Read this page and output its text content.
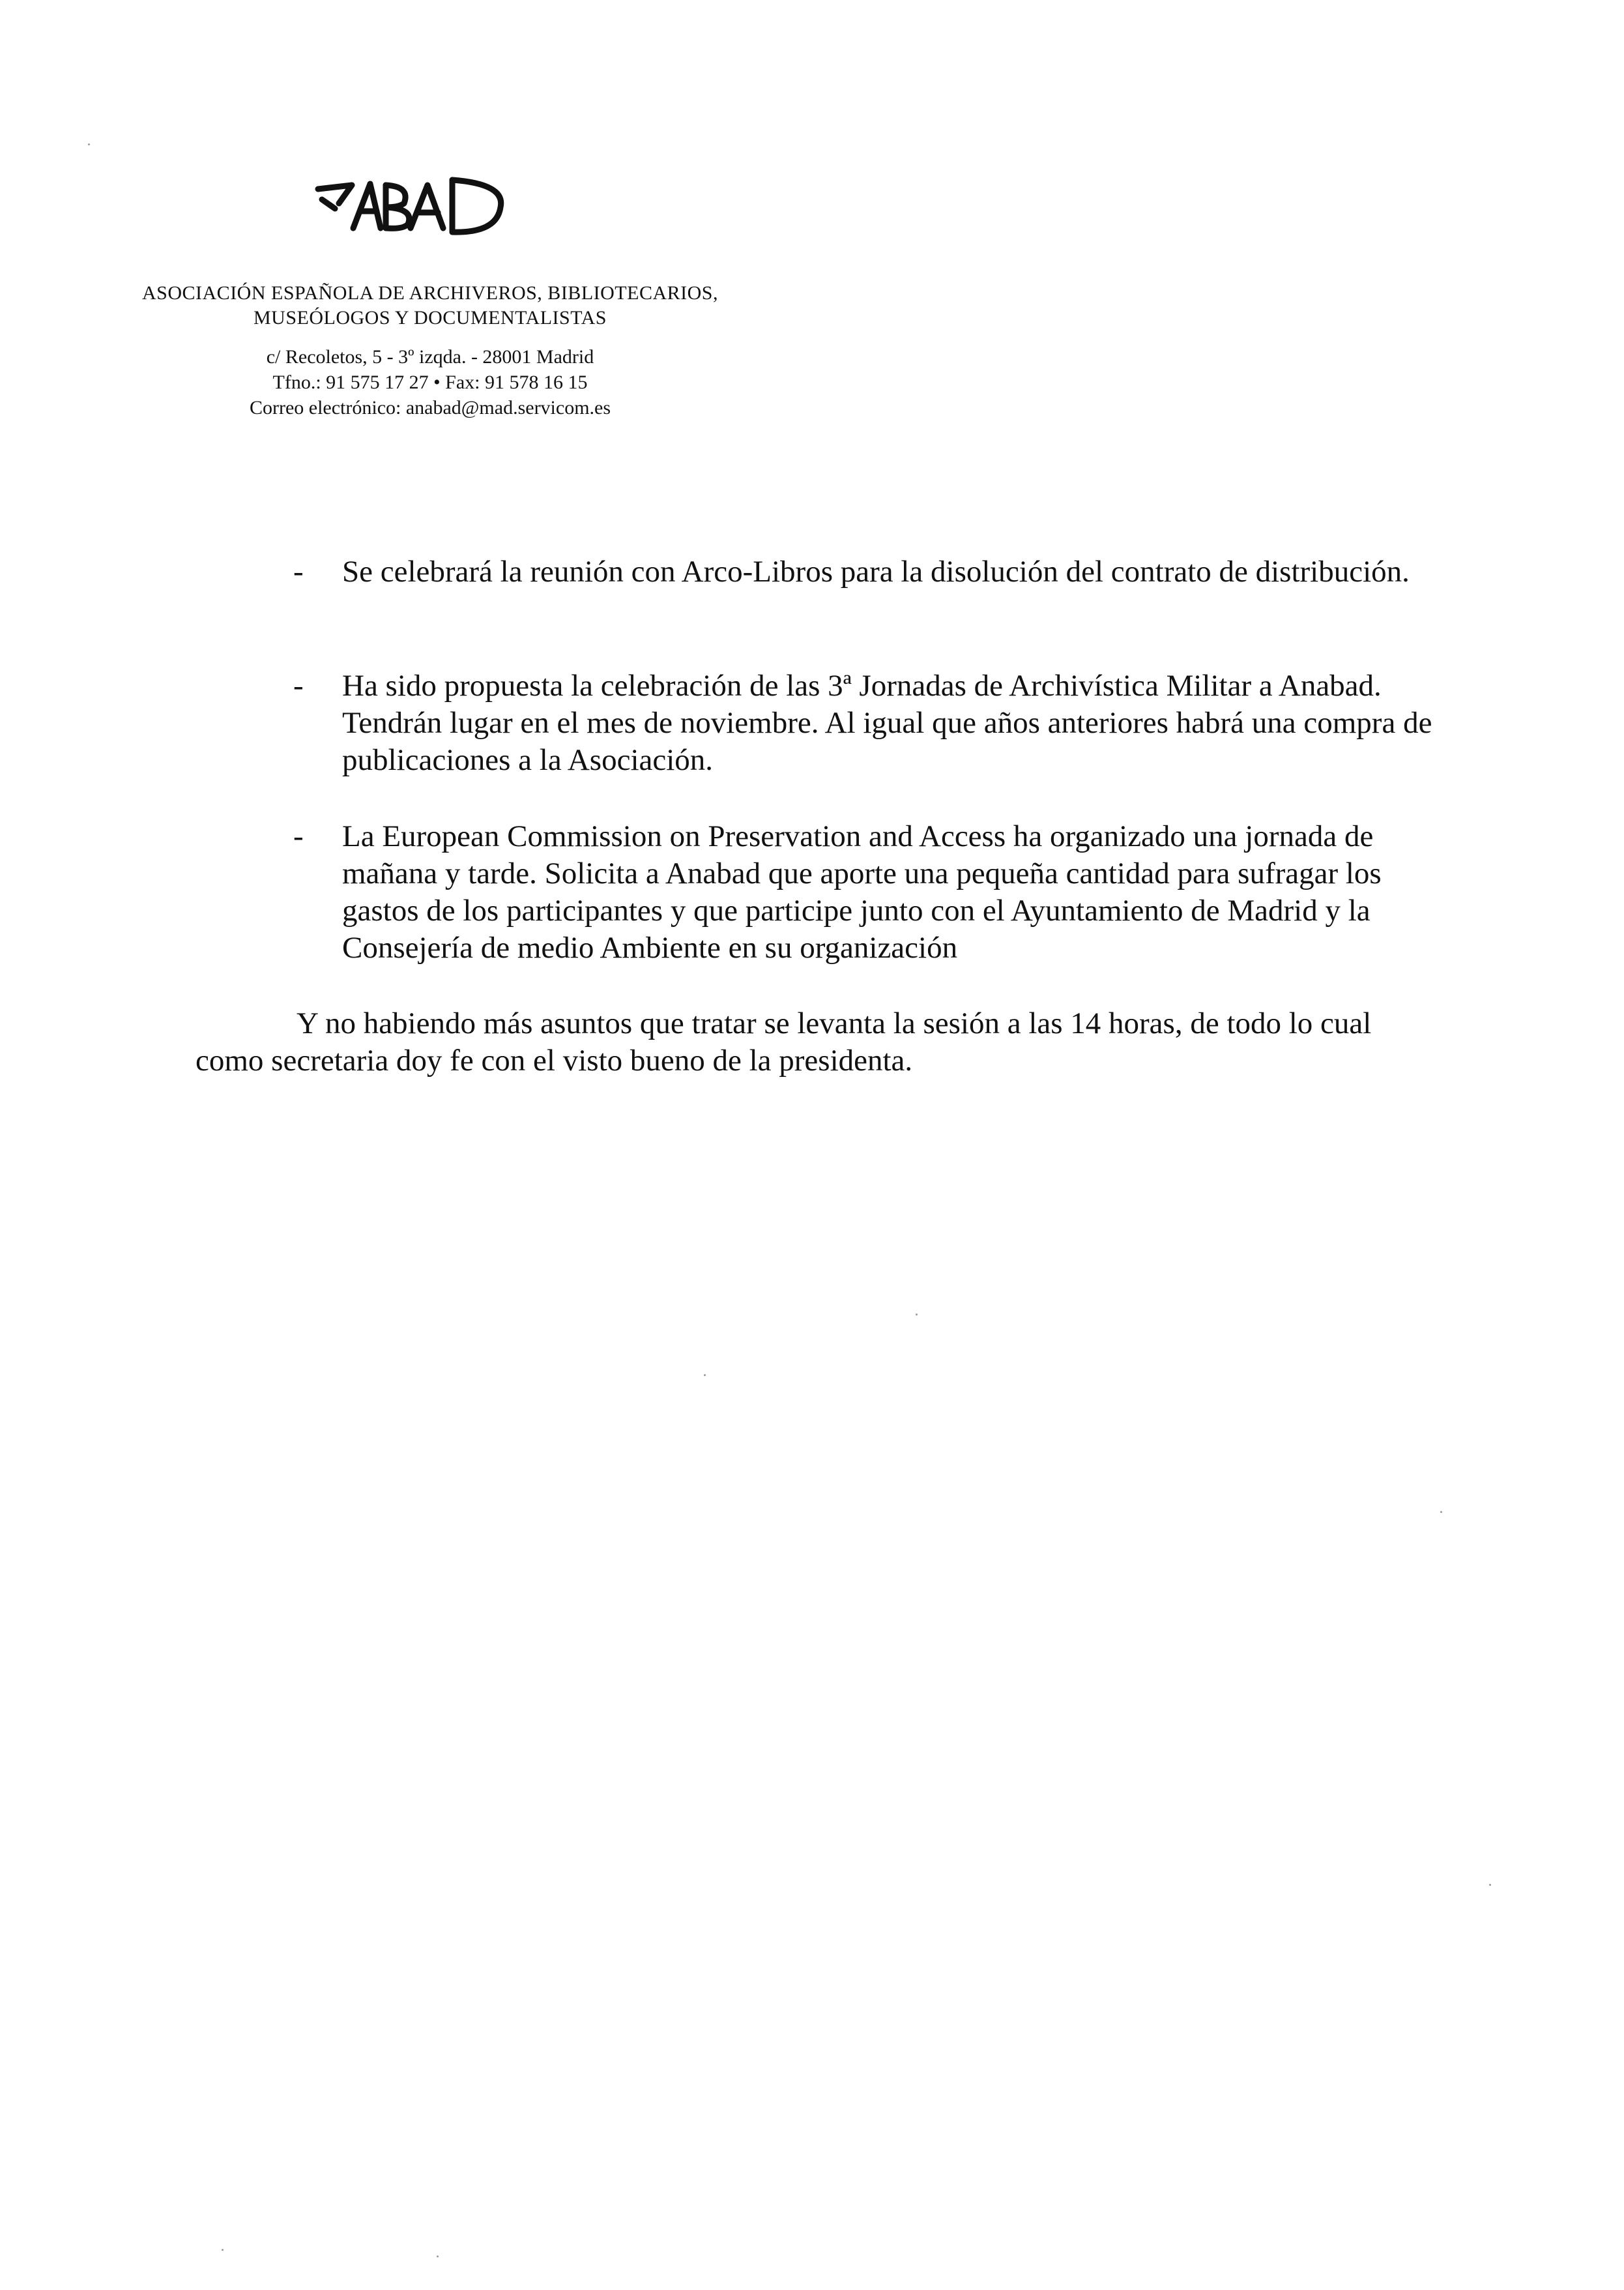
ASOCIACIÓN ESPAÑOLA DE ARCHIVEROS, BIBLIOTECARIOS,
MUSEÓLOGOS Y DOCUMENTALISTAS
c/ Recoletos, 5 - 3º izqda. - 28001 Madrid
Tfno.: 91 575 17 27 • Fax: 91 578 16 15
Correo electrónico: anabad@mad.servicom.es
-	Se celebrará la reunión con Arco-Libros para la disolución del contrato de distribución.
-	Ha sido propuesta la celebración de las 3ª Jornadas de Archivística Militar a Anabad. Tendrán lugar en el mes de noviembre. Al igual que años anteriores habrá una compra de publicaciones a la Asociación.
-	La European Commission on Preservation and Access ha organizado una jornada de mañana y tarde. Solicita a Anabad que aporte una pequeña cantidad para sufragar los gastos de los participantes y que participe junto con el Ayuntamiento de Madrid y la Consejería de medio Ambiente en su organización
Y no habiendo más asuntos que tratar se levanta la sesión a las 14 horas, de todo lo cual como secretaria doy fe con el visto bueno de la presidenta.
